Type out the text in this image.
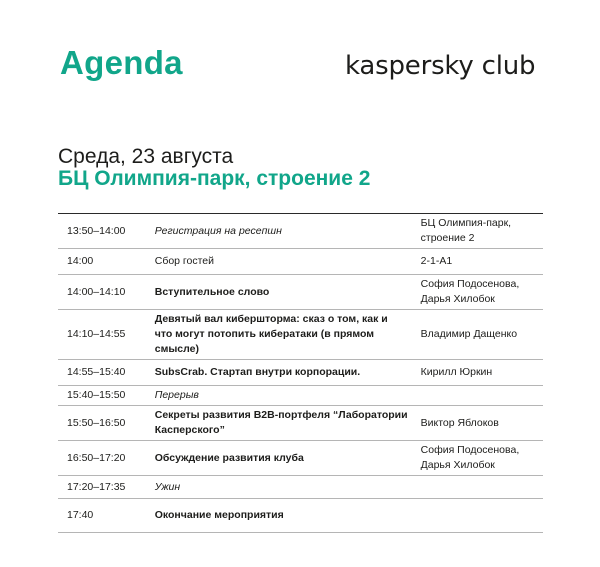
Agenda	kaspersky club
Среда, 23 августа
БЦ Олимпия-парк, строение 2
13:50–14:00	Регистрация на ресепшн	БЦ Олимпия-парк, строение 2
14:00	Сбор гостей	2-1-А1
14:00–14:10	Вступительное слово	София Подосенова, Дарья Хилобок
14:10–14:55	Девятый вал кибершторма: сказ о том, как и что могут потопить кибератаки (в прямом смысле)	Владимир Дащенко
14:55–15:40	SubsCrab. Стартап внутри корпорации.	Кирилл Юркин
15:40–15:50	Перерыв	
15:50–16:50	Секреты развития B2B-портфеля “Лаборатории Касперского”	Виктор Яблоков
16:50–17:20	Обсуждение развития клуба	София Подосенова, Дарья Хилобок
17:20–17:35	Ужин	
17:40	Окончание мероприятия	
